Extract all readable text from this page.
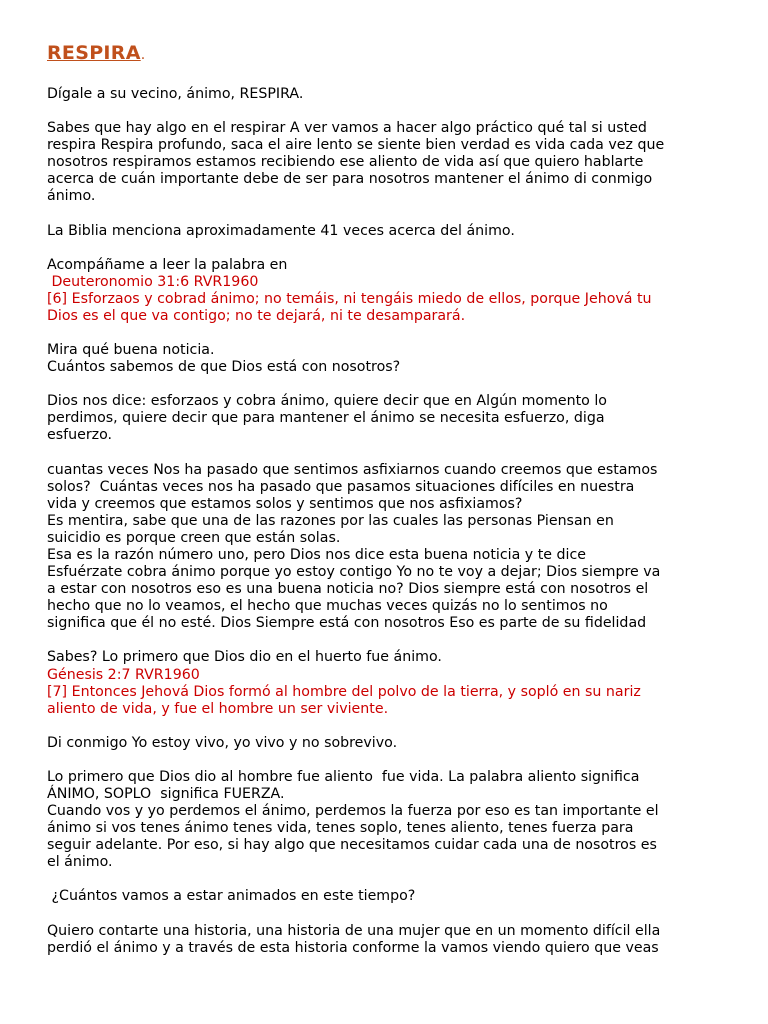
RESPIRA.
Dígale a su vecino, ánimo, RESPIRA.
Sabes que hay algo en el respirar A ver vamos a hacer algo práctico qué tal si usted
respira Respira profundo, saca el aire lento se siente bien verdad es vida cada vez que
nosotros respiramos estamos recibiendo ese aliento de vida así que quiero hablarte
acerca de cuán importante debe de ser para nosotros mantener el ánimo di conmigo
ánimo.
La Biblia menciona aproximadamente 41 veces acerca del ánimo.
Acompáñame a leer la palabra en
Deuteronomio 31:6 RVR1960
[6] Esforzaos y cobrad ánimo; no temáis, ni tengáis miedo de ellos, porque Jehová tu
Dios es el que va contigo; no te dejará, ni te desamparará.
Mira qué buena noticia.
Cuántos sabemos de que Dios está con nosotros?
Dios nos dice: esforzaos y cobra ánimo, quiere decir que en Algún momento lo
perdimos, quiere decir que para mantener el ánimo se necesita esfuerzo, diga
esfuerzo.
cuantas veces Nos ha pasado que sentimos asfixiarnos cuando creemos que estamos
solos?  Cuántas veces nos ha pasado que pasamos situaciones difíciles en nuestra
vida y creemos que estamos solos y sentimos que nos asfixiamos?
Es mentira, sabe que una de las razones por las cuales las personas Piensan en
suicidio es porque creen que están solas.
Esa es la razón número uno, pero Dios nos dice esta buena noticia y te dice
Esfuérzate cobra ánimo porque yo estoy contigo Yo no te voy a dejar; Dios siempre va
a estar con nosotros eso es una buena noticia no? Dios siempre está con nosotros el
hecho que no lo veamos, el hecho que muchas veces quizás no lo sentimos no
significa que él no esté. Dios Siempre está con nosotros Eso es parte de su fidelidad
Sabes? Lo primero que Dios dio en el huerto fue ánimo.
Génesis 2:7 RVR1960
[7] Entonces Jehová Dios formó al hombre del polvo de la tierra, y sopló en su nariz
aliento de vida, y fue el hombre un ser viviente.
Di conmigo Yo estoy vivo, yo vivo y no sobrevivo.
Lo primero que Dios dio al hombre fue aliento  fue vida. La palabra aliento significa
ÁNIMO, SOPLO  significa FUERZA.
Cuando vos y yo perdemos el ánimo, perdemos la fuerza por eso es tan importante el
ánimo si vos tenes ánimo tenes vida, tenes soplo, tenes aliento, tenes fuerza para
seguir adelante. Por eso, si hay algo que necesitamos cuidar cada una de nosotros es
el ánimo.
¿Cuántos vamos a estar animados en este tiempo?
Quiero contarte una historia, una historia de una mujer que en un momento difícil ella
perdió el ánimo y a través de esta historia conforme la vamos viendo quiero que veas
